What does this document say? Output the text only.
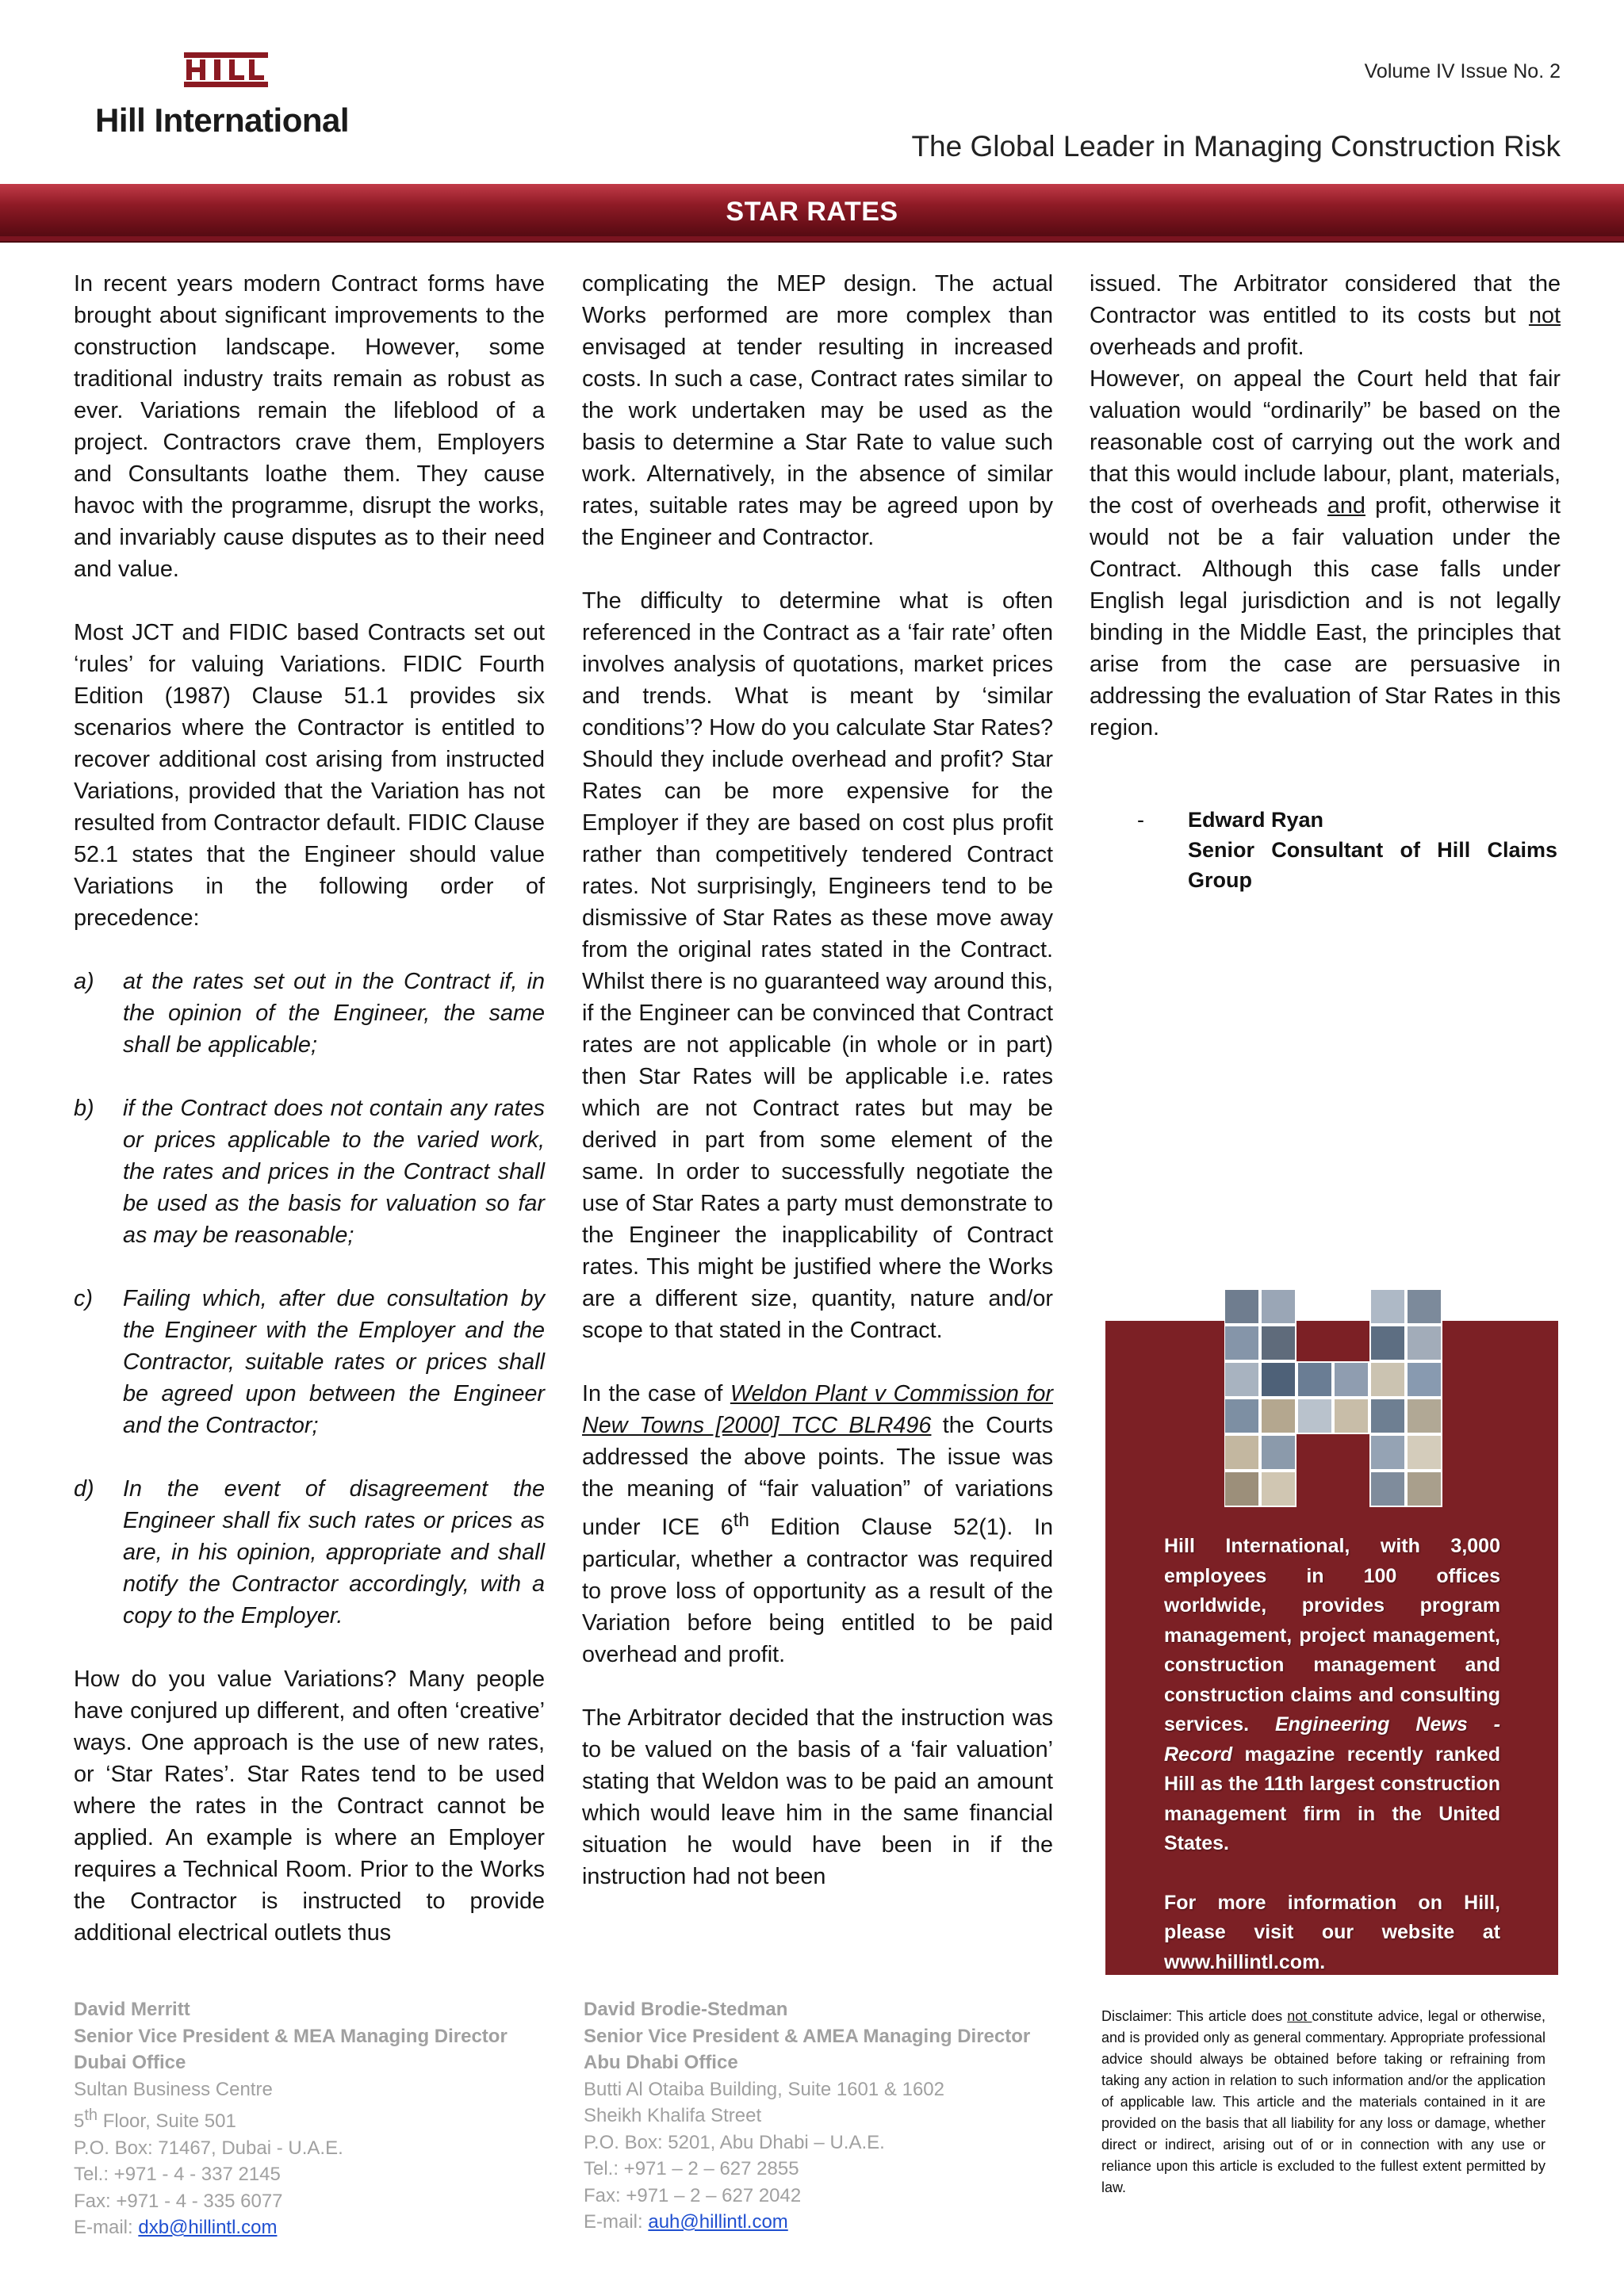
Hill International
Volume IV Issue No. 2
The Global Leader in Managing Construction Risk
STAR RATES

In recent years modern Contract forms have brought about significant improvements to the construction landscape. However, some traditional industry traits remain as robust as ever. Variations remain the lifeblood of a project. Contractors crave them, Employers and Consultants loathe them. They cause havoc with the programme, disrupt the works, and invariably cause disputes as to their need and value.

Most JCT and FIDIC based Contracts set out ‘rules’ for valuing Variations. FIDIC Fourth Edition (1987) Clause 51.1 provides six scenarios where the Contractor is entitled to recover additional cost arising from instructed Variations, provided that the Variation has not resulted from Contractor default. FIDIC Clause 52.1 states that the Engineer should value Variations in the following order of precedence:

a) at the rates set out in the Contract if, in the opinion of the Engineer, the same shall be applicable;

b) if the Contract does not contain any rates or prices applicable to the varied work, the rates and prices in the Contract shall be used as the basis for valuation so far as may be reasonable;

c) Failing which, after due consultation by the Engineer with the Employer and the Contractor, suitable rates or prices shall be agreed upon between the Engineer and the Contractor;

d) In the event of disagreement the Engineer shall fix such rates or prices as are, in his opinion, appropriate and shall notify the Contractor accordingly, with a copy to the Employer.

How do you value Variations? Many people have conjured up different, and often ‘creative’ ways. One approach is the use of new rates, or ‘Star Rates’. Star Rates tend to be used where the rates in the Contract cannot be applied. An example is where an Employer requires a Technical Room. Prior to the Works the Contractor is instructed to provide additional electrical outlets thus

complicating the MEP design. The actual Works performed are more complex than envisaged at tender resulting in increased costs. In such a case, Contract rates similar to the work undertaken may be used as the basis to determine a Star Rate to value such work. Alternatively, in the absence of similar rates, suitable rates may be agreed upon by the Engineer and Contractor.

The difficulty to determine what is often referenced in the Contract as a ‘fair rate’ often involves analysis of quotations, market prices and trends. What is meant by ‘similar conditions’? How do you calculate Star Rates? Should they include overhead and profit? Star Rates can be more expensive for the Employer if they are based on cost plus profit rather than competitively tendered Contract rates. Not surprisingly, Engineers tend to be dismissive of Star Rates as these move away from the original rates stated in the Contract. Whilst there is no guaranteed way around this, if the Engineer can be convinced that Contract rates are not applicable (in whole or in part) then Star Rates will be applicable i.e. rates which are not Contract rates but may be derived in part from some element of the same. In order to successfully negotiate the use of Star Rates a party must demonstrate to the Engineer the inapplicability of Contract rates. This might be justified where the Works are a different size, quantity, nature and/or scope to that stated in the Contract.

In the case of Weldon Plant v Commission for New Towns [2000] TCC BLR496 the Courts addressed the above points. The issue was the meaning of “fair valuation” of variations under ICE 6th Edition Clause 52(1). In particular, whether a contractor was required to prove loss of opportunity as a result of the Variation before being entitled to be paid overhead and profit.

The Arbitrator decided that the instruction was to be valued on the basis of a ‘fair valuation’ stating that Weldon was to be paid an amount which would leave him in the same financial situation he would have been in if the instruction had not been

issued. The Arbitrator considered that the Contractor was entitled to its costs but not overheads and profit.

However, on appeal the Court held that fair valuation would “ordinarily” be based on the reasonable cost of carrying out the work and that this would include labour, plant, materials, the cost of overheads and profit, otherwise it would not be a fair valuation under the Contract. Although this case falls under English legal jurisdiction and is not legally binding in the Middle East, the principles that arise from the case are persuasive in addressing the evaluation of Star Rates in this region.

- Edward Ryan
Senior Consultant of Hill Claims Group

Hill International, with 3,000 employees in 100 offices worldwide, provides program management, project management, construction management and construction claims and consulting services. Engineering News - Record magazine recently ranked Hill as the 11th largest construction management firm in the United States.

For more information on Hill, please visit our website at www.hillintl.com.

David Merritt
Senior Vice President & MEA Managing Director
Dubai Office
Sultan Business Centre
5th Floor, Suite 501
P.O. Box: 71467, Dubai - U.A.E.
Tel.: +971 - 4 - 337 2145
Fax: +971 - 4 - 335 6077
E-mail: dxb@hillintl.com
David Brodie-Stedman
Senior Vice President & AMEA Managing Director
Abu Dhabi Office
Butti Al Otaiba Building, Suite 1601 & 1602
Sheikh Khalifa Street
P.O. Box: 5201, Abu Dhabi – U.A.E.
Tel.: +971 – 2 – 627 2855
Fax: +971 – 2 – 627 2042
E-mail: auh@hillintl.com
Disclaimer: This article does not constitute advice, legal or otherwise, and is provided only as general commentary. Appropriate professional advice should always be obtained before taking or refraining from taking any action in relation to such information and/or the application of applicable law. This article and the materials contained in it are provided on the basis that all liability for any loss or damage, whether direct or indirect, arising out of or in connection with any use or reliance upon this article is excluded to the fullest extent permitted by law.
